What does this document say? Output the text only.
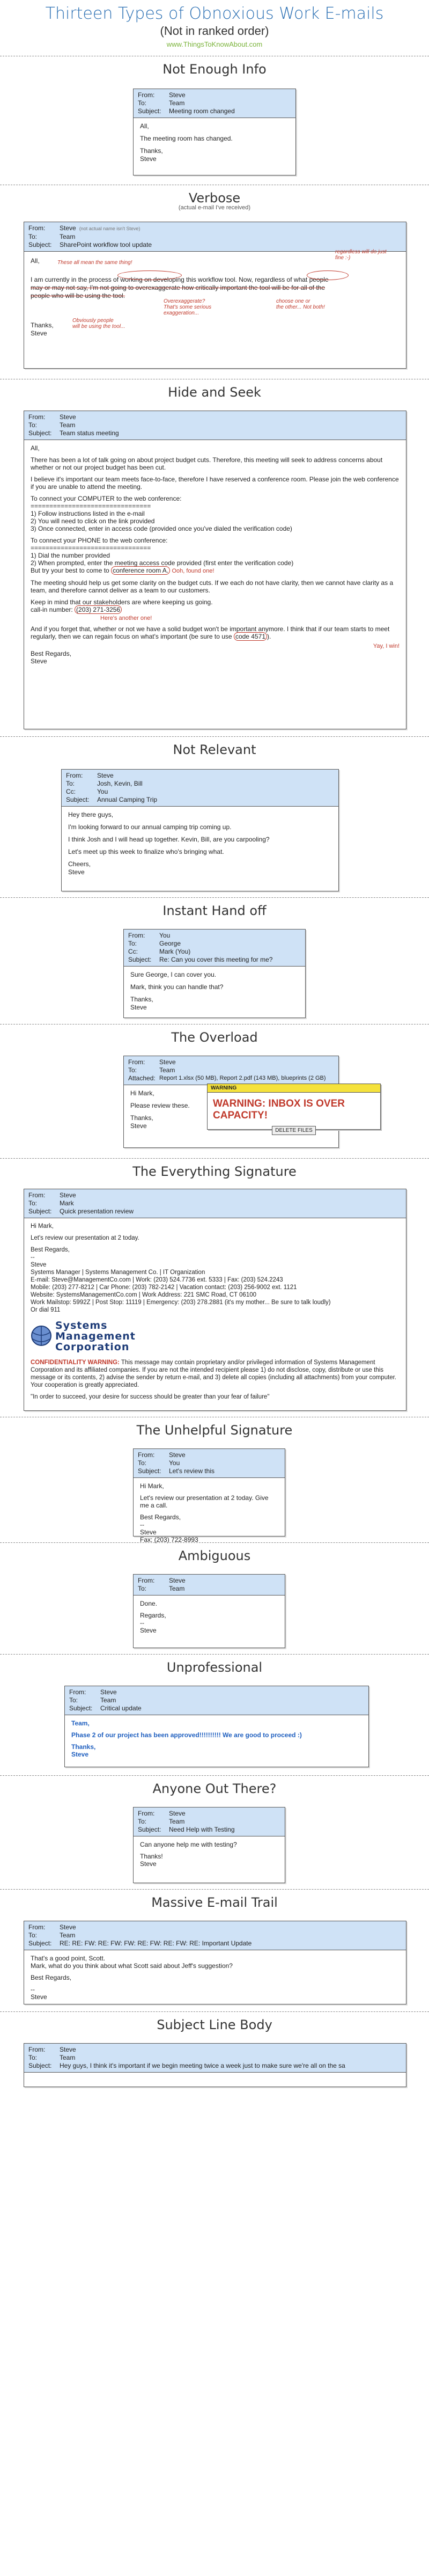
Thirteen Types of Obnoxious Work E-mails
(Not in ranked order)
www.ThingsToKnowAbout.com
Not Enough Info
From:	Steve
To:	Team
Subject:	Meeting room changed

All,

The meeting room has changed.

Thanks,

Steve

Verbose
(actual e-mail I've received)
From:	Steve (not actual name isn't Steve)
To:	Team
Subject:	SharePoint workflow tool update

All,

I am currently in the process of working on developing this workflow tool. Now, regardless of what people
may or may not say, I'm not going to overexaggerate how critically important the tool will be for all of the
people who will be using the tool.
Thanks,
Steve
These all mean the same thing!
regardless will do just fine :-)
Overexaggerate?
That's some serious
exaggeration...
choose one or
the other... Not both!
Obviously people
will be using the tool...
Hide and Seek
From:	Steve
To:	Team
Subject:	Team status meeting

All,

There has been a lot of talk going on about project budget cuts. Therefore, this meeting will seek to address concerns about whether or not our project budget has been cut.

I believe it's important our team meets face-to-face, therefore I have reserved a conference room. Please join the web conference if you are unable to attend the meeting.

To connect your COMPUTER to the web conference:
================================
1) Follow instructions listed in the e-mail
2) You will need to click on the link provided

3) Once connected, enter in access code (provided once you've dialed the verification code)

To connect your PHONE to the web conference:
================================
1) Dial the number provided
2) When prompted, enter the meeting access code provided (first enter the verification code)

But try your best to come to conference room A. Ooh, found one!

The meeting should help us get some clarity on the budget cuts. If we each do not have clarity, then we cannot have clarity as a team, and therefore cannot deliver as a team to our customers.

Keep in mind that our stakeholders are where keeping us going.

call-in number: (203) 271-3256

Here's another one!

And if you forget that, whether or not we have a solid budget won't be important anymore. I think that if our team starts to meet regularly, then we can regain focus on what's important (be sure to use code 4571 ).

Yay, I win!
Best Regards,
Steve
Not Relevant
From:	Steve
To:	Josh, Kevin, Bill
Cc:	You
Subject:	Annual Camping Trip

Hey there guys,

I'm looking forward to our annual camping trip coming up.

I think Josh and I will head up together. Kevin, Bill, are you carpooling?

Let's meet up this week to finalize who's bringing what.

Cheers,

Steve

Instant Hand off
From:	You
To:	George
Cc:	Mark (You)
Subject:	Re: Can you cover this meeting for me?

Sure George, I can cover you.

Mark, think you can handle that?

Thanks,

Steve

The Overload
From:	Steve
To:	Team
Attached: Report 1.xlsx (50 MB), Report 2.pdf (143 MB), blueprints (2 GB)

Hi Mark,

Please review these.

Thanks,

Steve

WARNING
WARNING: INBOX IS OVER CAPACITY!
DELETE FILES
The Everything Signature
From:	Steve
To:	Mark
Subject:	Quick presentation review

Hi Mark,

Let's review our presentation at 2 today.

Best Regards,
--
Steve
Systems Manager | Systems Management Co. | IT Organization
E-mail: Steve@ManagementCo.com | Work: (203) 524.7736 ext. 5333 | Fax: (203) 524.2243
Mobile: (203) 277-8212 | Car Phone: (203) 782-2142 | Vacation contact: (203) 256-9002 ext. 1121
Website: SystemsManagementCo.com | Work Address: 221 SMC Road, CT 06100
Work Mailstop: 5992Z | Post Stop: 11119 | Emergency: (203) 278.2881 (it's my mother... Be sure to talk loudly)
Or dial 911
Systems
Management
Corporation

CONFIDENTIALITY WARNING: This message may contain proprietary and/or privileged information of Systems Management Corporation and its affiliated companies. If you are not the intended recipient please 1) do not disclose, copy, distribute or use this message or its contents, 2) advise the sender by return e-mail, and 3) delete all copies (including all attachments) from your computer. Your cooperation is greatly appreciated.

"In order to succeed, your desire for success should be greater than your fear of failure"
The Unhelpful Signature
From:	Steve
To:	You
Subject:	Let's review this

Hi Mark,

Let's review our presentation at 2 today. Give me a call.

Best Regards,
--
Steve
Fax: (203) 722-8993
Ambiguous
From:	Steve
To:	Team

Done.

Regards,
--
Steve
Unprofessional
From:	Steve
To:	Team
Subject:	Critical update

Team,

Phase 2 of our project has been approved!!!!!!!!!! We are good to proceed :)

Thanks,
Steve
Anyone Out There?
From:	Steve
To:	Team
Subject:	Need Help with Testing

Can anyone help me with testing?

Thanks!
Steve
Massive E-mail Trail
From:	Steve
To:	Team
Subject:	RE: RE: FW: RE: FW: FW: RE: FW: RE: FW: RE: Important Update
That's a good point, Scott.

Mark, what do you think about what Scott said about Jeff's suggestion?

Best Regards,

--
Steve
Subject Line Body
From:	Steve
To:	Team
Subject:	Hey guys, I think it's important if we begin meeting twice a week just to make sure we're all on the sa
